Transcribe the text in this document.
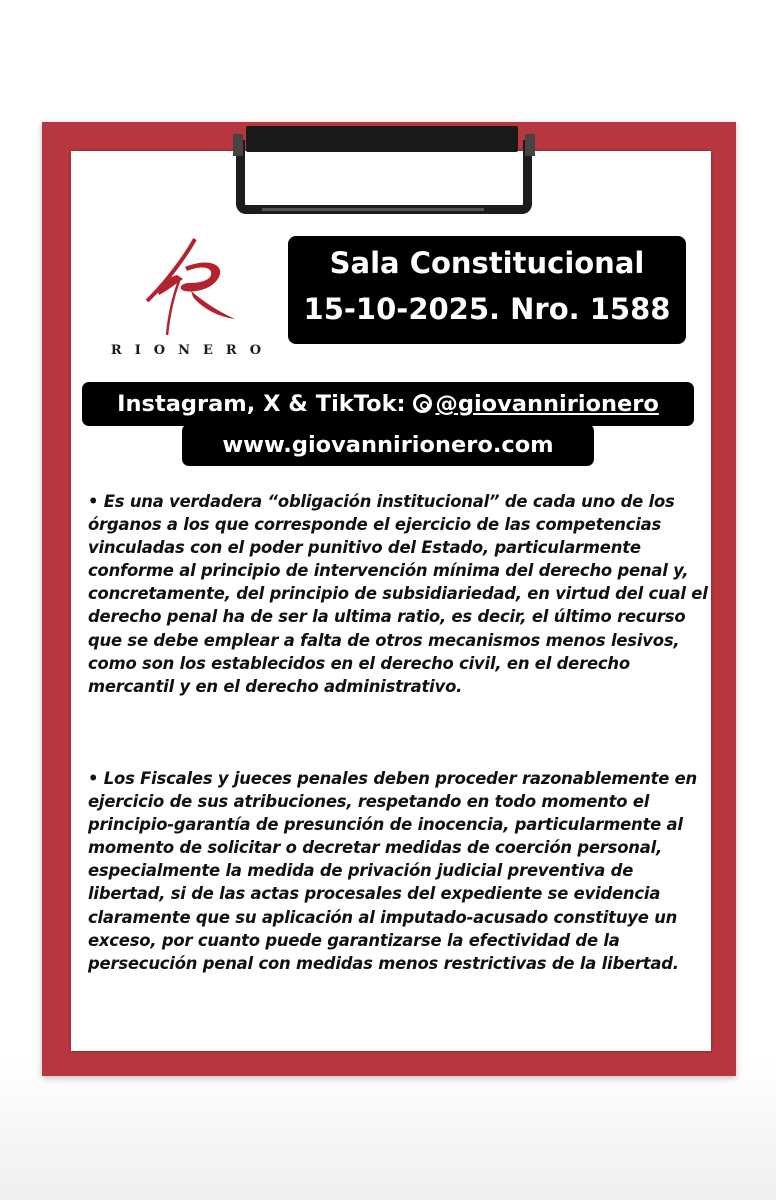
RIONERO
Sala Constitucional
15-10-2025. Nro. 1588
Instagram, X & TikTok: @giovannirionero
www.giovannirionero.com

• Es una verdadera “obligación institucional” de cada uno de los órganos a los que corresponde el ejercicio de las competencias vinculadas con el poder punitivo del Estado, particularmente conforme al principio de intervención mínima del derecho penal y, concretamente, del principio de subsidiariedad, en virtud del cual el derecho penal ha de ser la ultima ratio, es decir, el último recurso que se debe emplear a falta de otros mecanismos menos lesivos, como son los establecidos en el derecho civil, en el derecho mercantil y en el derecho administrativo.

• Los Fiscales y jueces penales deben proceder razonablemente en ejercicio de sus atribuciones, respetando en todo momento el principio-garantía de presunción de inocencia, particularmente al momento de solicitar o decretar medidas de coerción personal, especialmente la medida de privación judicial preventiva de libertad, si de las actas procesales del expediente se evidencia claramente que su aplicación al imputado-acusado constituye un exceso, por cuanto puede garantizarse la efectividad de la persecución penal con medidas menos restrictivas de la libertad.
